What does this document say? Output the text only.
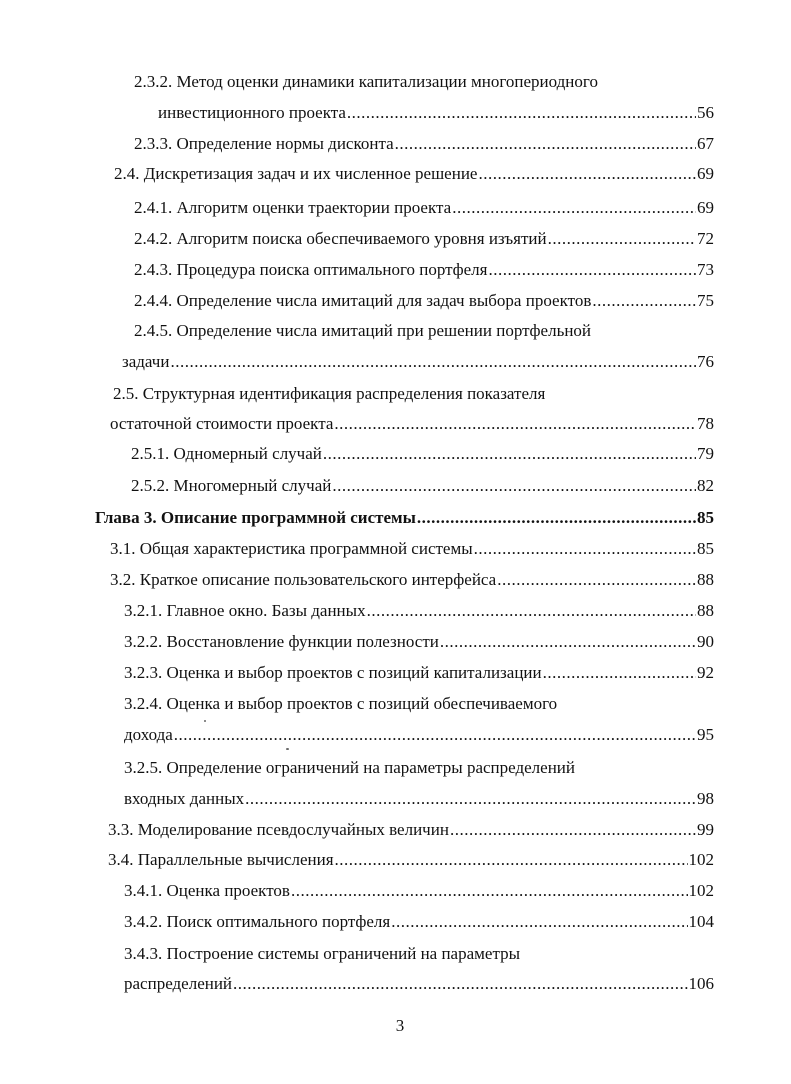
2.3.2. Метод оценки динамики капитализации многопериодного
инвестиционного проекта .....	56
2.3.3. Определение нормы дисконта .....	67
2.4. Дискретизация задач и их численное решение .....	69
2.4.1. Алгоритм оценки траектории проекта .....	69
2.4.2. Алгоритм поиска обеспечиваемого уровня изъятий .....	72
2.4.3. Процедура поиска оптимального портфеля .....	73
2.4.4. Определение числа имитаций для задач выбора проектов .....	75
2.4.5. Определение числа имитаций при решении портфельной
задачи .....	76
2.5. Структурная идентификация распределения показателя
остаточной стоимости проекта .....	78
2.5.1. Одномерный случай .....	79
2.5.2. Многомерный случай .....	82
Глава 3. Описание программной системы .....	85
3.1. Общая характеристика программной системы .....	85
3.2. Краткое описание пользовательского интерфейса .....	88
3.2.1. Главное окно. Базы данных .....	88
3.2.2. Восстановление функции полезности .....	90
3.2.3. Оценка и выбор проектов с позиций капитализации .....	92
3.2.4. Оценка и выбор проектов с позиций обеспечиваемого
дохода .....	95
3.2.5. Определение ограничений на параметры распределений
входных данных .....	98
3.3. Моделирование псевдослучайных величин .....	99
3.4. Параллельные вычисления .....	102
3.4.1. Оценка проектов .....	102
3.4.2. Поиск оптимального портфеля .....	104
3.4.3. Построение системы ограничений на параметры
распределений .....	106
3
